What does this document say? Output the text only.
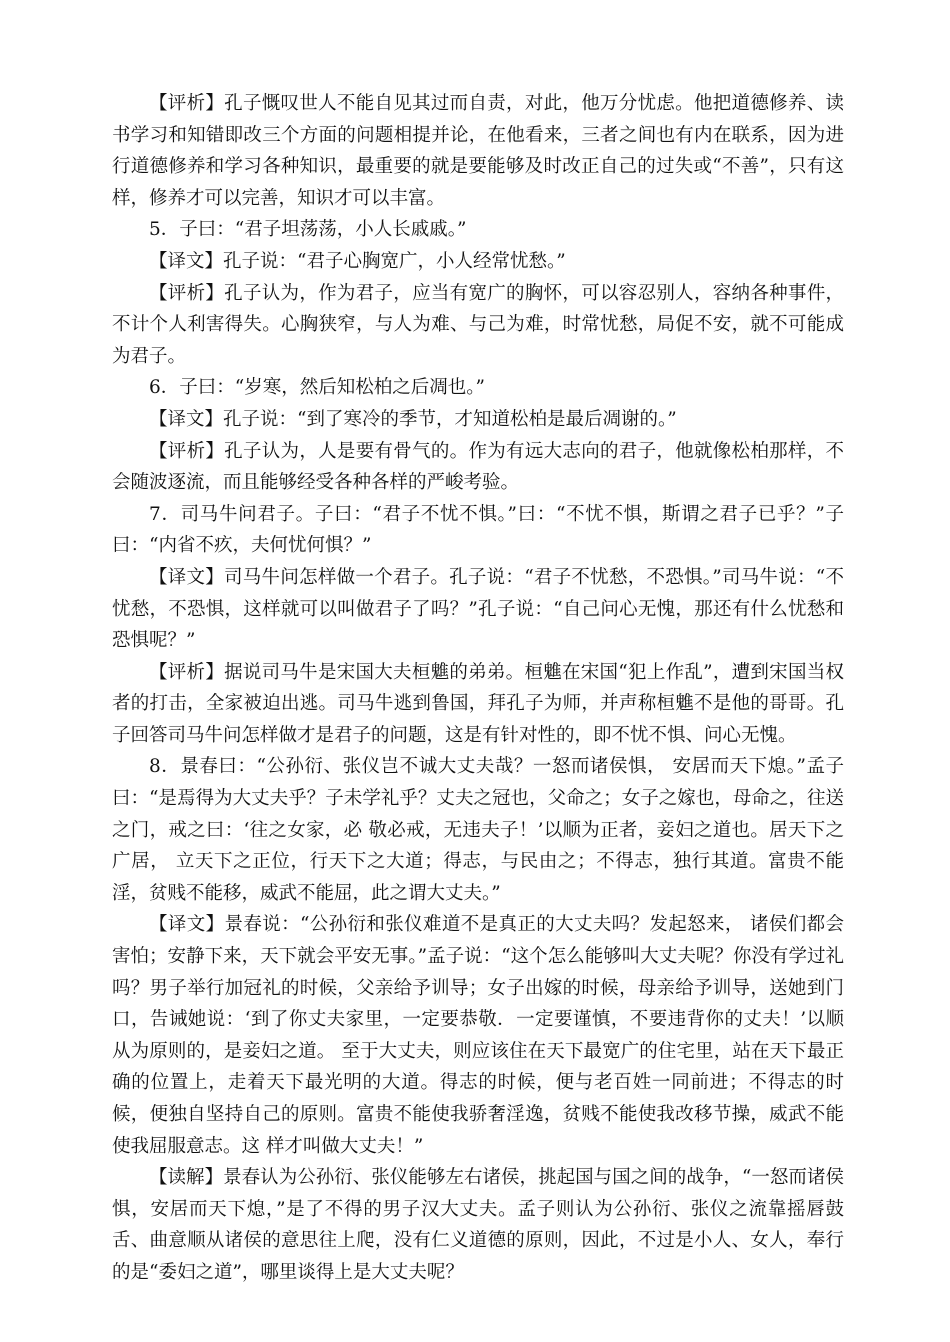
【评析】孔子慨叹世人不能自见其过而自责，对此，他万分忧虑。他把道德修养、读书学习和知错即改三个方面的问题相提并论，在他看来，三者之间也有内在联系，因为进行道德修养和学习各种知识，最重要的就是要能够及时改正自己的过失或“不善”，只有这样，修养才可以完善，知识才可以丰富。

5．子曰：“君子坦荡荡，小人长戚戚。”

【译文】孔子说：“君子心胸宽广，小人经常忧愁。”

【评析】孔子认为，作为君子，应当有宽广的胸怀，可以容忍别人，容纳各种事件，不计个人利害得失。心胸狭窄，与人为难、与己为难，时常忧愁，局促不安，就不可能成为君子。

6．子曰：“岁寒，然后知松柏之后凋也。”

【译文】孔子说：“到了寒冷的季节，才知道松柏是最后凋谢的。”

【评析】孔子认为，人是要有骨气的。作为有远大志向的君子，他就像松柏那样，不会随波逐流，而且能够经受各种各样的严峻考验。

7．司马牛问君子。子曰：“君子不忧不惧。”曰：“不忧不惧，斯谓之君子已乎？”子曰：“内省不疚，夫何忧何惧？”

【译文】司马牛问怎样做一个君子。孔子说：“君子不忧愁，不恐惧。”司马牛说：“不忧愁，不恐惧，这样就可以叫做君子了吗？”孔子说：“自己问心无愧，那还有什么忧愁和恐惧呢？”

【评析】据说司马牛是宋国大夫桓魋的弟弟。桓魋在宋国“犯上作乱”，遭到宋国当权者的打击，全家被迫出逃。司马牛逃到鲁国，拜孔子为师，并声称桓魋不是他的哥哥。孔子回答司马牛问怎样做才是君子的问题，这是有针对性的，即不忧不惧、问心无愧。

8．景春曰：“公孙衍、张仪岂不诚大丈夫哉？一怒而诸侯惧， 安居而天下熄。”孟子曰：“是焉得为大丈夫乎？子未学礼乎？丈夫之冠也，父命之；女子之嫁也，母命之，往送之门，戒之曰：‘往之女家，必 敬必戒，无违夫子！’以顺为正者，妾妇之道也。居天下之广居， 立天下之正位，行天下之大道；得志，与民由之；不得志，独行其道。富贵不能淫，贫贱不能移，威武不能屈，此之谓大丈夫。”

【译文】景春说：“公孙衍和张仪难道不是真正的大丈夫吗？发起怒来， 诸侯们都会害怕；安静下来，天下就会平安无事。”孟子说：“这个怎么能够叫大丈夫呢？你没有学过礼吗？男子举行加冠礼的时候，父亲给予训导；女子出嫁的时候，母亲给予训导，送她到门口，告诫她说：‘到了你丈夫家里，一定要恭敬．一定要谨慎，不要违背你的丈夫！’以顺从为原则的，是妾妇之道。 至于大丈夫，则应该住在天下最宽广的住宅里，站在天下最正确的位置上，走着天下最光明的大道。得志的时候，便与老百姓一同前进；不得志的时候，便独自坚持自己的原则。富贵不能使我骄奢淫逸，贫贱不能使我改移节操，威武不能使我屈服意志。这 样才叫做大丈夫！”

【读解】景春认为公孙衍、张仪能够左右诸侯，挑起国与国之间的战争，“一怒而诸侯惧，安居而天下熄，”是了不得的男子汉大丈夫。孟子则认为公孙衍、张仪之流靠摇唇鼓舌、曲意顺从诸侯的意思往上爬，没有仁义道德的原则，因此，不过是小人、女人，奉行的是“委妇之道”，哪里谈得上是大丈夫呢？
